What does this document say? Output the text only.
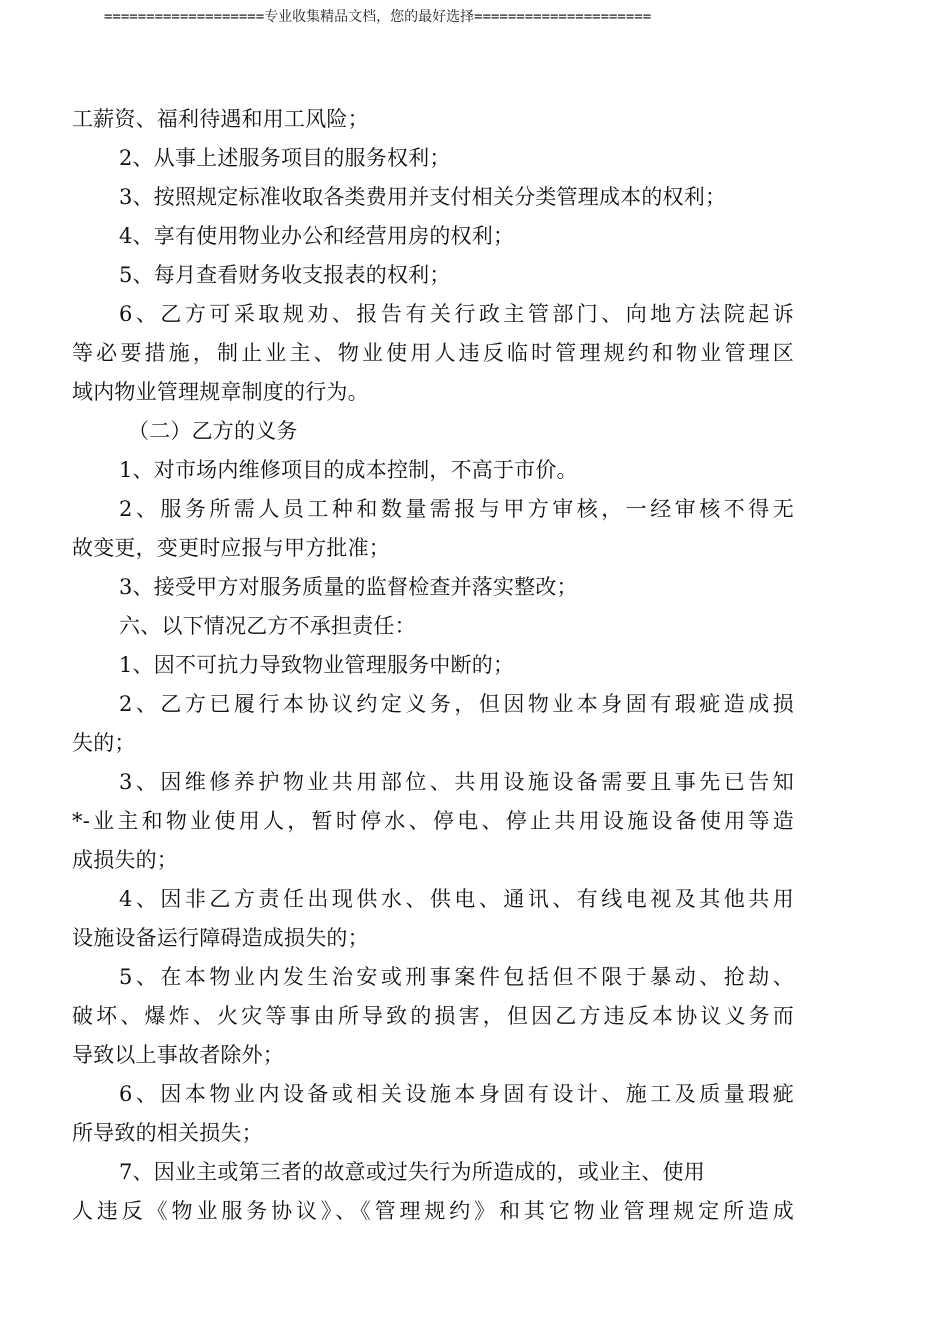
===================专业收集精品文档，您的最好选择=====================
工薪资、福利待遇和用工风险；
2、从事上述服务项目的服务权利；
3、按照规定标准收取各类费用并支付相关分类管理成本的权利；
4、享有使用物业办公和经营用房的权利；
5、每月查看财务收支报表的权利；
6、乙方可采取规劝、报告有关行政主管部门、向地方法院起诉
等必要措施，制止业主、物业使用人违反临时管理规约和物业管理区
域内物业管理规章制度的行为。
（二）乙方的义务
1、对市场内维修项目的成本控制，不高于市价。
2、服务所需人员工种和数量需报与甲方审核，一经审核不得无
故变更，变更时应报与甲方批准；
3、接受甲方对服务质量的监督检查并落实整改；
六、以下情况乙方不承担责任：
1、因不可抗力导致物业管理服务中断的；
2、乙方已履行本协议约定义务，但因物业本身固有瑕疵造成损
失的；
3、因维修养护物业共用部位、共用设施设备需要且事先已告知
*-业主和物业使用人，暂时停水、停电、停止共用设施设备使用等造
成损失的；
4、因非乙方责任出现供水、供电、通讯、有线电视及其他共用
设施设备运行障碍造成损失的；
5、在本物业内发生治安或刑事案件包括但不限于暴动、抢劫、
破坏、爆炸、火灾等事由所导致的损害，但因乙方违反本协议义务而
导致以上事故者除外；
6、因本物业内设备或相关设施本身固有设计、施工及质量瑕疵
所导致的相关损失；
7、因业主或第三者的故意或过失行为所造成的，或业主、使用
人违反《物业服务协议》、《管理规约》和其它物业管理规定所造成
